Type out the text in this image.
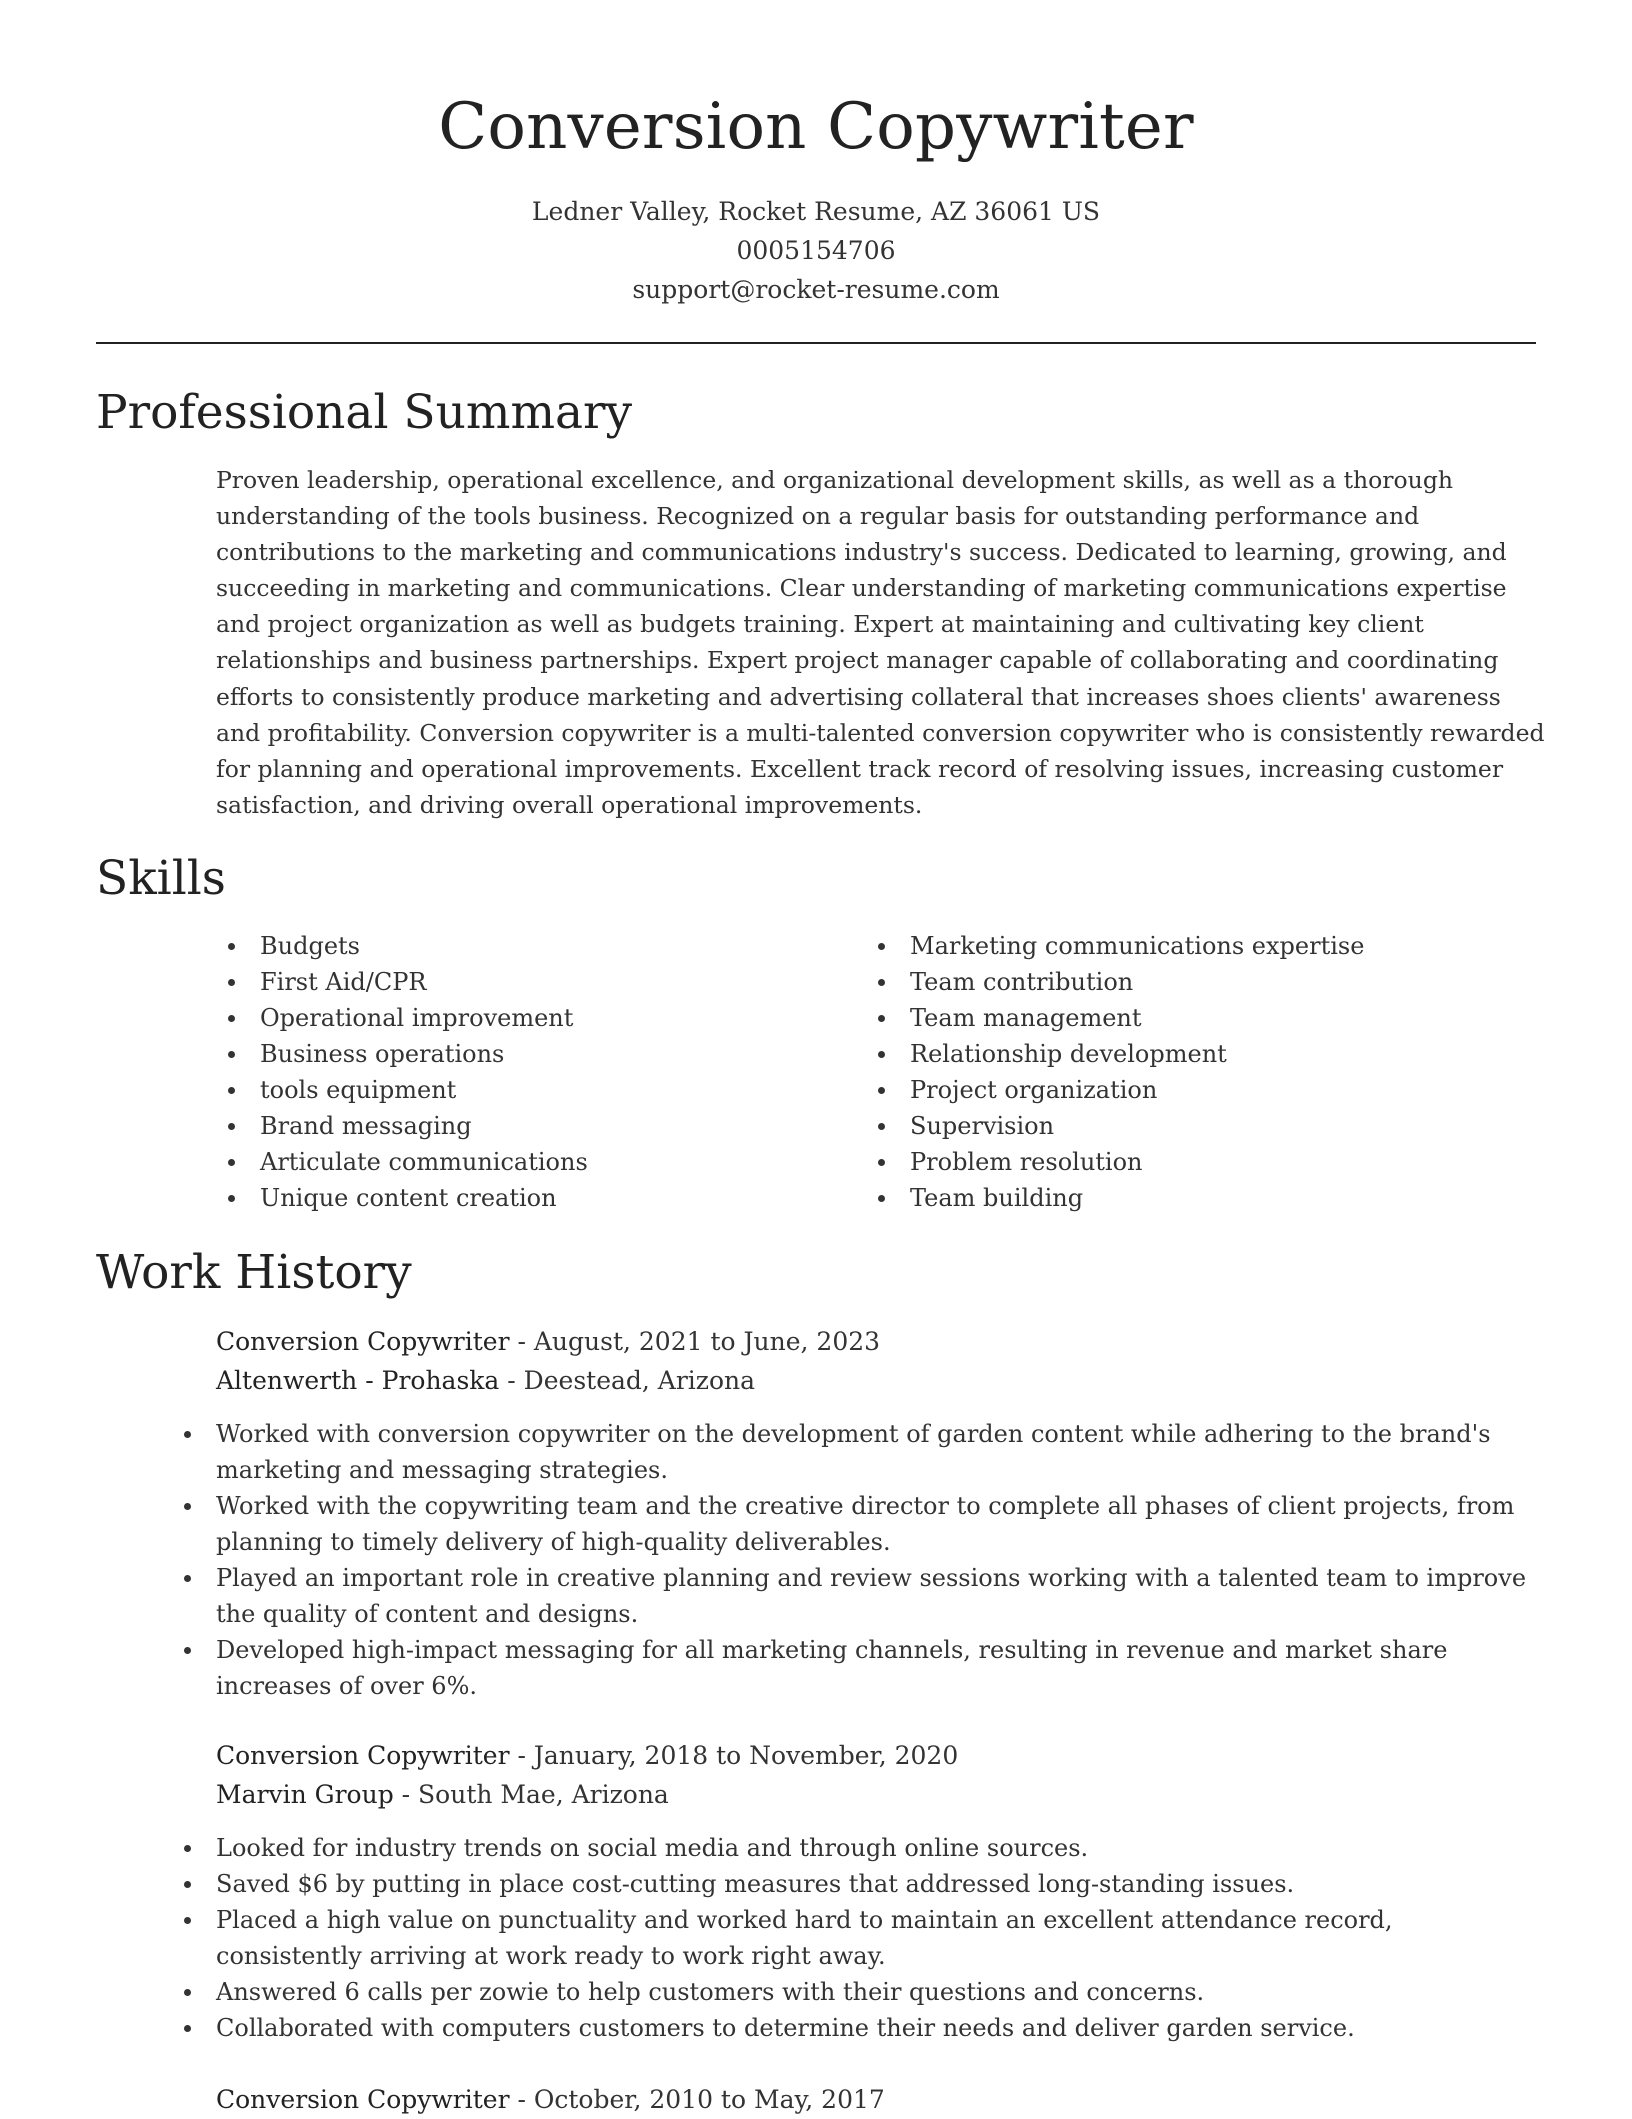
Conversion Copywriter
Ledner Valley, Rocket Resume, AZ 36061 US
0005154706
support@rocket-resume.com
Professional Summary

Proven leadership, operational excellence, and organizational development skills, as well as a thorough understanding of the tools business. Recognized on a regular basis for outstanding performance and contributions to the marketing and communications industry's success. Dedicated to learning, growing, and succeeding in marketing and communications. Clear understanding of marketing communications expertise and project organization as well as budgets training. Expert at maintaining and cultivating key client relationships and business partnerships. Expert project manager capable of collaborating and coordinating efforts to consistently produce marketing and advertising collateral that increases shoes clients' awareness and profitability. Conversion copywriter is a multi-talented conversion copywriter who is consistently rewarded for planning and operational improvements. Excellent track record of resolving issues, increasing customer satisfaction, and driving overall operational improvements.

Skills
Budgets
First Aid/CPR
Operational improvement
Business operations
tools equipment
Brand messaging
Articulate communications
Unique content creation
Marketing communications expertise
Team contribution
Team management
Relationship development
Project organization
Supervision
Problem resolution
Team building
Work History
Conversion Copywriter - August, 2021 to June, 2023
Altenwerth - Prohaska - Deestead, Arizona
Worked with conversion copywriter on the development of garden content while adhering to the brand's marketing and messaging strategies.
Worked with the copywriting team and the creative director to complete all phases of client projects, from planning to timely delivery of high-quality deliverables.
Played an important role in creative planning and review sessions working with a talented team to improve the quality of content and designs.
Developed high-impact messaging for all marketing channels, resulting in revenue and market share increases of over 6%.
Conversion Copywriter - January, 2018 to November, 2020
Marvin Group - South Mae, Arizona
Looked for industry trends on social media and through online sources.
Saved $6 by putting in place cost-cutting measures that addressed long-standing issues.
Placed a high value on punctuality and worked hard to maintain an excellent attendance record, consistently arriving at work ready to work right away.
Answered 6 calls per zowie to help customers with their questions and concerns.
Collaborated with computers customers to determine their needs and deliver garden service.
Conversion Copywriter - October, 2010 to May, 2017
